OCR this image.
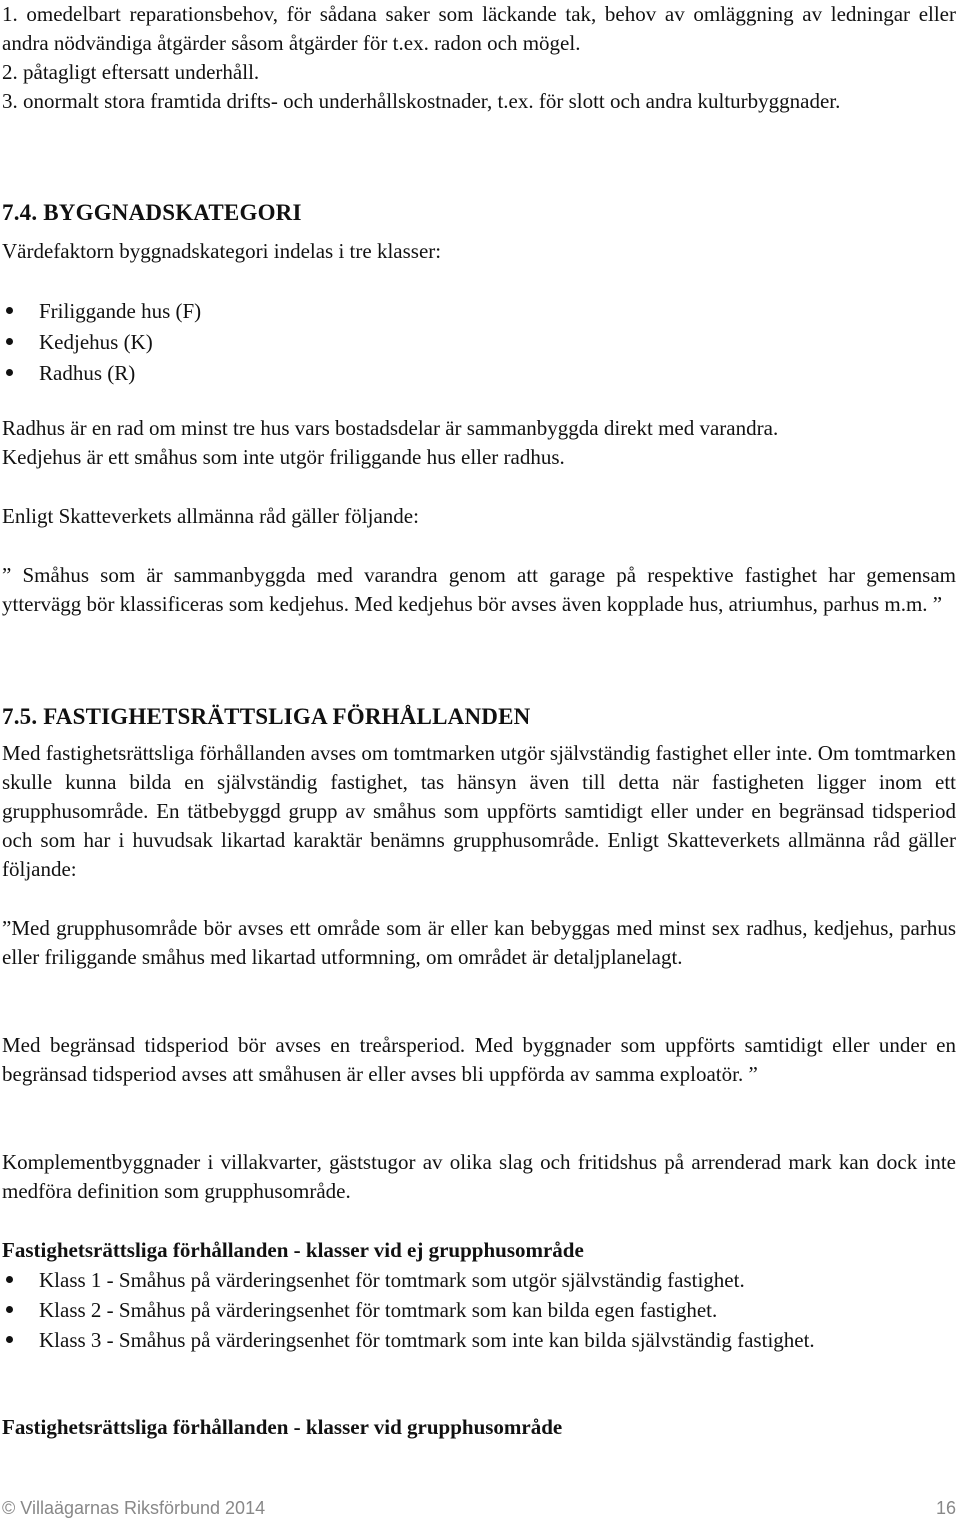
1. omedelbart reparationsbehov, för sådana saker som läckande tak, behov av omläggning av ledningar eller andra nödvändiga åtgärder såsom åtgärder för t.ex. radon och mögel.

2. påtagligt eftersatt underhåll.

3. onormalt stora framtida drifts- och underhållskostnader, t.ex. för slott och andra kulturbyggnader.

7.4. BYGGNADSKATEGORI

Värdefaktorn byggnadskategori indelas i tre klasser:

Friliggande hus (F)
Kedjehus (K)
Radhus (R)

Radhus är en rad om minst tre hus vars bostadsdelar är sammanbyggda direkt med varandra.

Kedjehus är ett småhus som inte utgör friliggande hus eller radhus.

Enligt Skatteverkets allmänna råd gäller följande:

” Småhus som är sammanbyggda med varandra genom att garage på respektive fastighet har gemensam yttervägg bör klassificeras som kedjehus. Med kedjehus bör avses även kopplade hus, atriumhus, parhus m.m. ”

7.5. FASTIGHETSRÄTTSLIGA FÖRHÅLLANDEN

Med fastighetsrättsliga förhållanden avses om tomtmarken utgör självständig fastighet eller inte. Om tomtmarken skulle kunna bilda en självständig fastighet, tas hänsyn även till detta när fastigheten ligger inom ett grupphusområde. En tätbebyggd grupp av småhus som uppförts samtidigt eller under en begränsad tidsperiod och som har i huvudsak likartad karaktär benämns grupphusområde. Enligt Skatteverkets allmänna råd gäller följande:

”Med grupphusområde bör avses ett område som är eller kan bebyggas med minst sex radhus, kedjehus, parhus eller friliggande småhus med likartad utformning, om området är detaljplanelagt.

Med begränsad tidsperiod bör avses en treårsperiod. Med byggnader som uppförts samtidigt eller under en begränsad tidsperiod avses att småhusen är eller avses bli uppförda av samma exploatör. ”

Komplementbyggnader i villakvarter, gäststugor av olika slag och fritidshus på arrenderad mark kan dock inte medföra definition som grupphusområde.

Fastighetsrättsliga förhållanden - klasser vid ej grupphusområde

Klass 1 - Småhus på värderingsenhet för tomtmark som utgör självständig fastighet.
Klass 2 - Småhus på värderingsenhet för tomtmark som kan bilda egen fastighet.
Klass 3 - Småhus på värderingsenhet för tomtmark som inte kan bilda självständig fastighet.

Fastighetsrättsliga förhållanden - klasser vid grupphusområde

© Villaägarnas Riksförbund 2014	16
